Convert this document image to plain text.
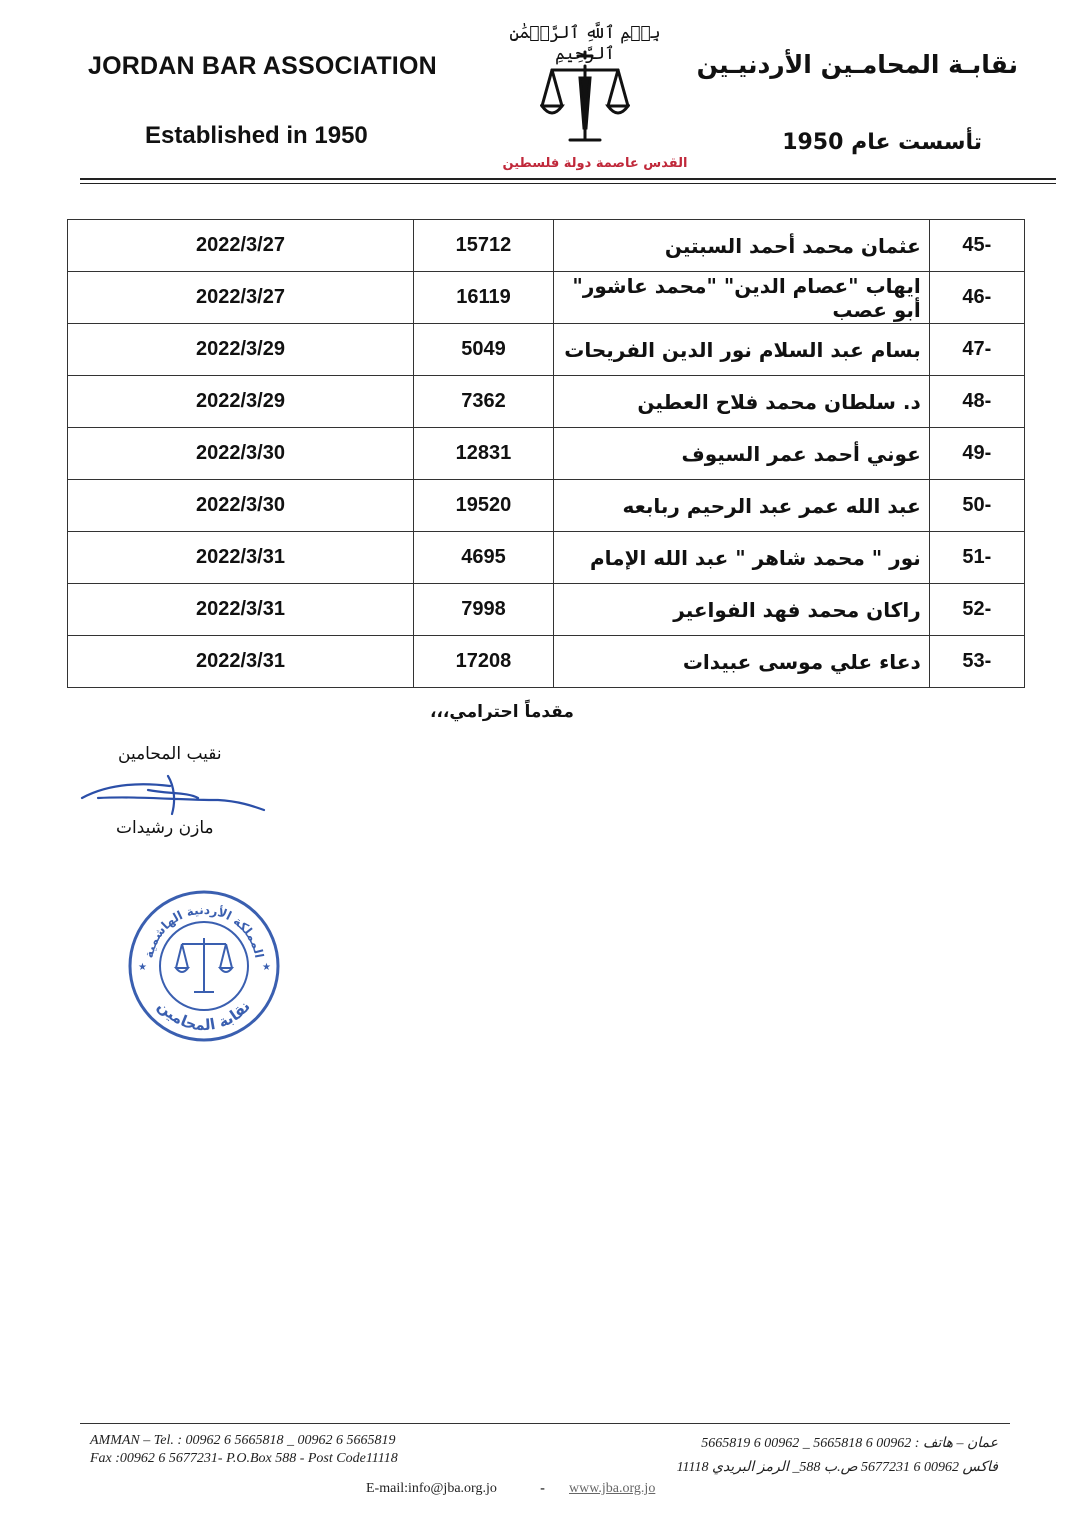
JORDAN BAR ASSOCIATION
Established in 1950
نقابـة المحامـين الأردنيـين
تأسست عام 1950
بِسۡمِ ٱللَّهِ ٱلرَّحۡمَٰنِ ٱلرَّحِيمِ
القدس عاصمة دولة فلسطين
2022/3/27	15712	عثمان محمد أحمد السبتين	45-
2022/3/27	16119	ايهاب "عصام الدين" "محمد عاشور" أبو عصب	46-
2022/3/29	5049	بسام عبد السلام نور الدين الفريحات	47-
2022/3/29	7362	د. سلطان محمد فلاح العطين	48-
2022/3/30	12831	عوني أحمد عمر السيوف	49-
2022/3/30	19520	عبد الله عمر عبد الرحيم ربابعه	50-
2022/3/31	4695	نور " محمد شاهر " عبد الله الإمام	51-
2022/3/31	7998	راكان محمد فهد الفواعير	52-
2022/3/31	17208	دعاء علي موسى عبيدات	53-
مقدماً احترامي،،،
نقيب المحامين
مازن رشيدات
المملكة الأردنية الهاشمية
نقابة المحامين
★	★
AMMAN – Tel. : 00962 6 5665818 _ 00962 6 5665819
Fax :00962 6 5677231- P.O.Box 588 - Post Code11118
عمان – هاتف : 00962 6 5665818 _ 00962 6 5665819
فاكس 00962 6 5677231 ص.ب 588_ الرمز البريدي 11118
E-mail:info@jba.org.jo	- www.jba.org.jo
